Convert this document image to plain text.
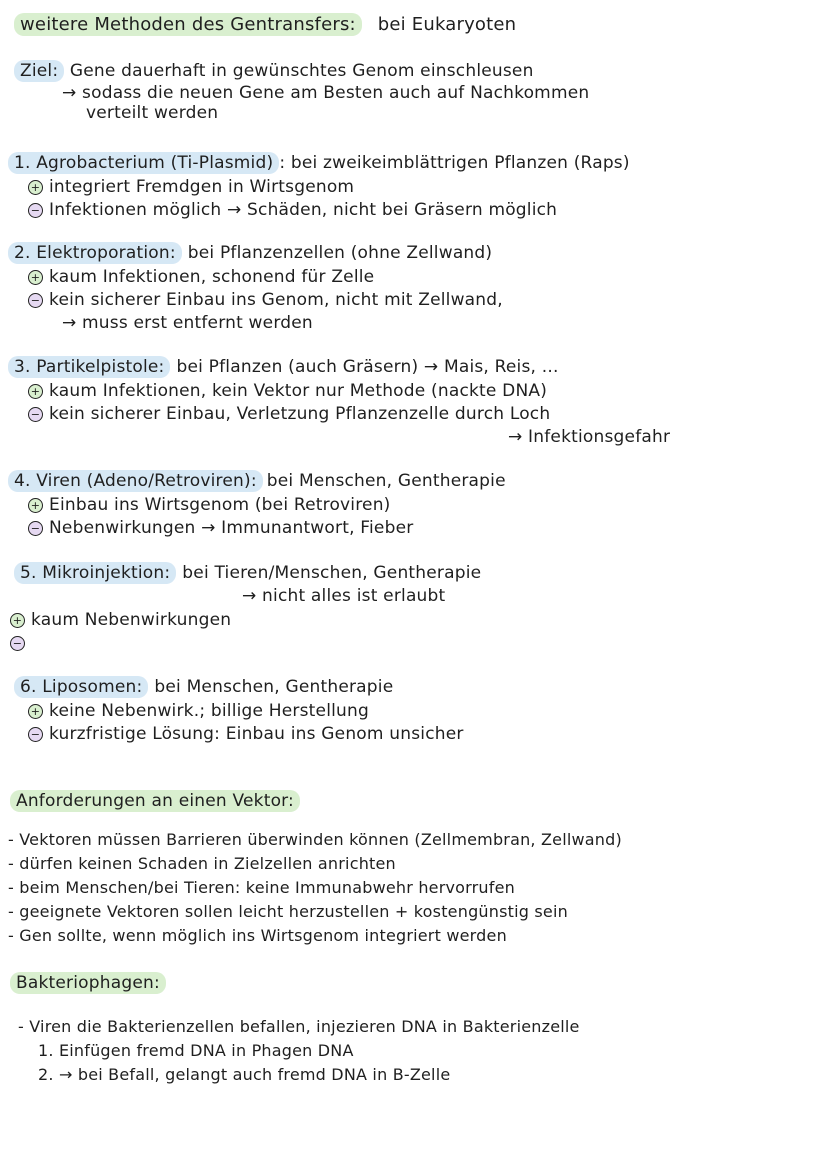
weitere Methoden des Gentransfers: bei Eukaryoten
Ziel: Gene dauerhaft in gewünschtes Genom einschleusen
→ sodass die neuen Gene am Besten auch auf Nachkommen
verteilt werden
1. Agrobacterium (Ti-Plasmid) : bei zweikeimblättrigen Pflanzen (Raps)
+ integriert Fremdgen in Wirtsgenom
− Infektionen möglich → Schäden, nicht bei Gräsern möglich
2. Elektroporation: bei Pflanzenzellen (ohne Zellwand)
+ kaum Infektionen, schonend für Zelle
− kein sicherer Einbau ins Genom, nicht mit Zellwand,
→ muss erst entfernt werden
3. Partikelpistole: bei Pflanzen (auch Gräsern) → Mais, Reis, ...
+ kaum Infektionen, kein Vektor nur Methode (nackte DNA)
− kein sicherer Einbau, Verletzung Pflanzenzelle durch Loch
→ Infektionsgefahr
4. Viren (Adeno/Retroviren): bei Menschen, Gentherapie
+ Einbau ins Wirtsgenom (bei Retroviren)
− Nebenwirkungen → Immunantwort, Fieber
5. Mikroinjektion: bei Tieren/Menschen, Gentherapie
→ nicht alles ist erlaubt
+ kaum Nebenwirkungen
−
6. Liposomen: bei Menschen, Gentherapie
+ keine Nebenwirk.; billige Herstellung
− kurzfristige Lösung: Einbau ins Genom unsicher
Anforderungen an einen Vektor:
- Vektoren müssen Barrieren überwinden können (Zellmembran, Zellwand)
- dürfen keinen Schaden in Zielzellen anrichten
- beim Menschen/bei Tieren: keine Immunabwehr hervorrufen
- geeignete Vektoren sollen leicht herzustellen + kostengünstig sein
- Gen sollte, wenn möglich ins Wirtsgenom integriert werden
Bakteriophagen:
- Viren die Bakterienzellen befallen, injezieren DNA in Bakterienzelle
1. Einfügen fremd DNA in Phagen DNA
2. → bei Befall, gelangt auch fremd DNA in B-Zelle
